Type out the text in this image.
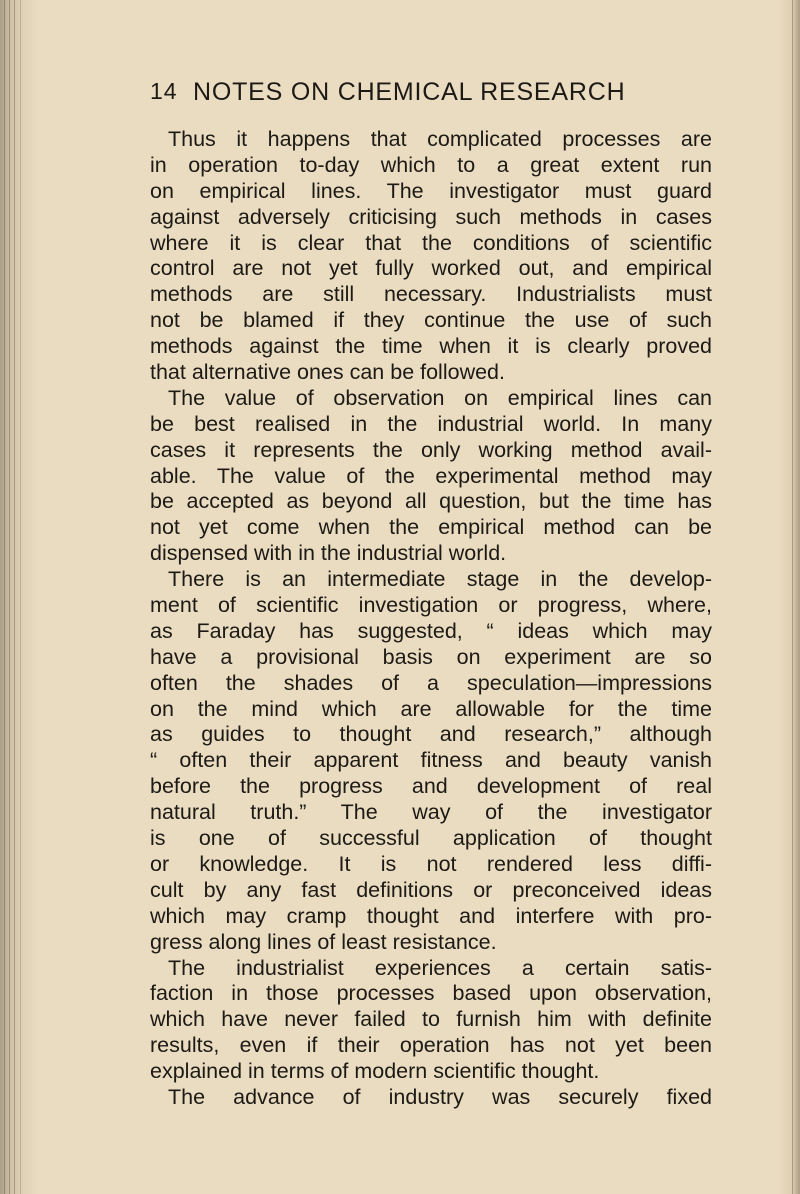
14 NOTES ON CHEMICAL RESEARCH
Thus it happens that complicated processes are
in operation to-day which to a great extent run
on empirical lines. The investigator must guard
against adversely criticising such methods in cases
where it is clear that the conditions of scientific
control are not yet fully worked out, and empirical
methods are still necessary. Industrialists must
not be blamed if they continue the use of such
methods against the time when it is clearly proved
that alternative ones can be followed.
The value of observation on empirical lines can
be best realised in the industrial world. In many
cases it represents the only working method avail-
able. The value of the experimental method may
be accepted as beyond all question, but the time has
not yet come when the empirical method can be
dispensed with in the industrial world.
There is an intermediate stage in the develop-
ment of scientific investigation or progress, where,
as Faraday has suggested, “ ideas which may
have a provisional basis on experiment are so
often the shades of a speculation—impressions
on the mind which are allowable for the time
as guides to thought and research,” although
“ often their apparent fitness and beauty vanish
before the progress and development of real
natural truth.” The way of the investigator
is one of successful application of thought
or knowledge. It is not rendered less diffi-
cult by any fast definitions or preconceived ideas
which may cramp thought and interfere with pro-
gress along lines of least resistance.
The industrialist experiences a certain satis-
faction in those processes based upon observation,
which have never failed to furnish him with definite
results, even if their operation has not yet been
explained in terms of modern scientific thought.
The advance of industry was securely fixed
